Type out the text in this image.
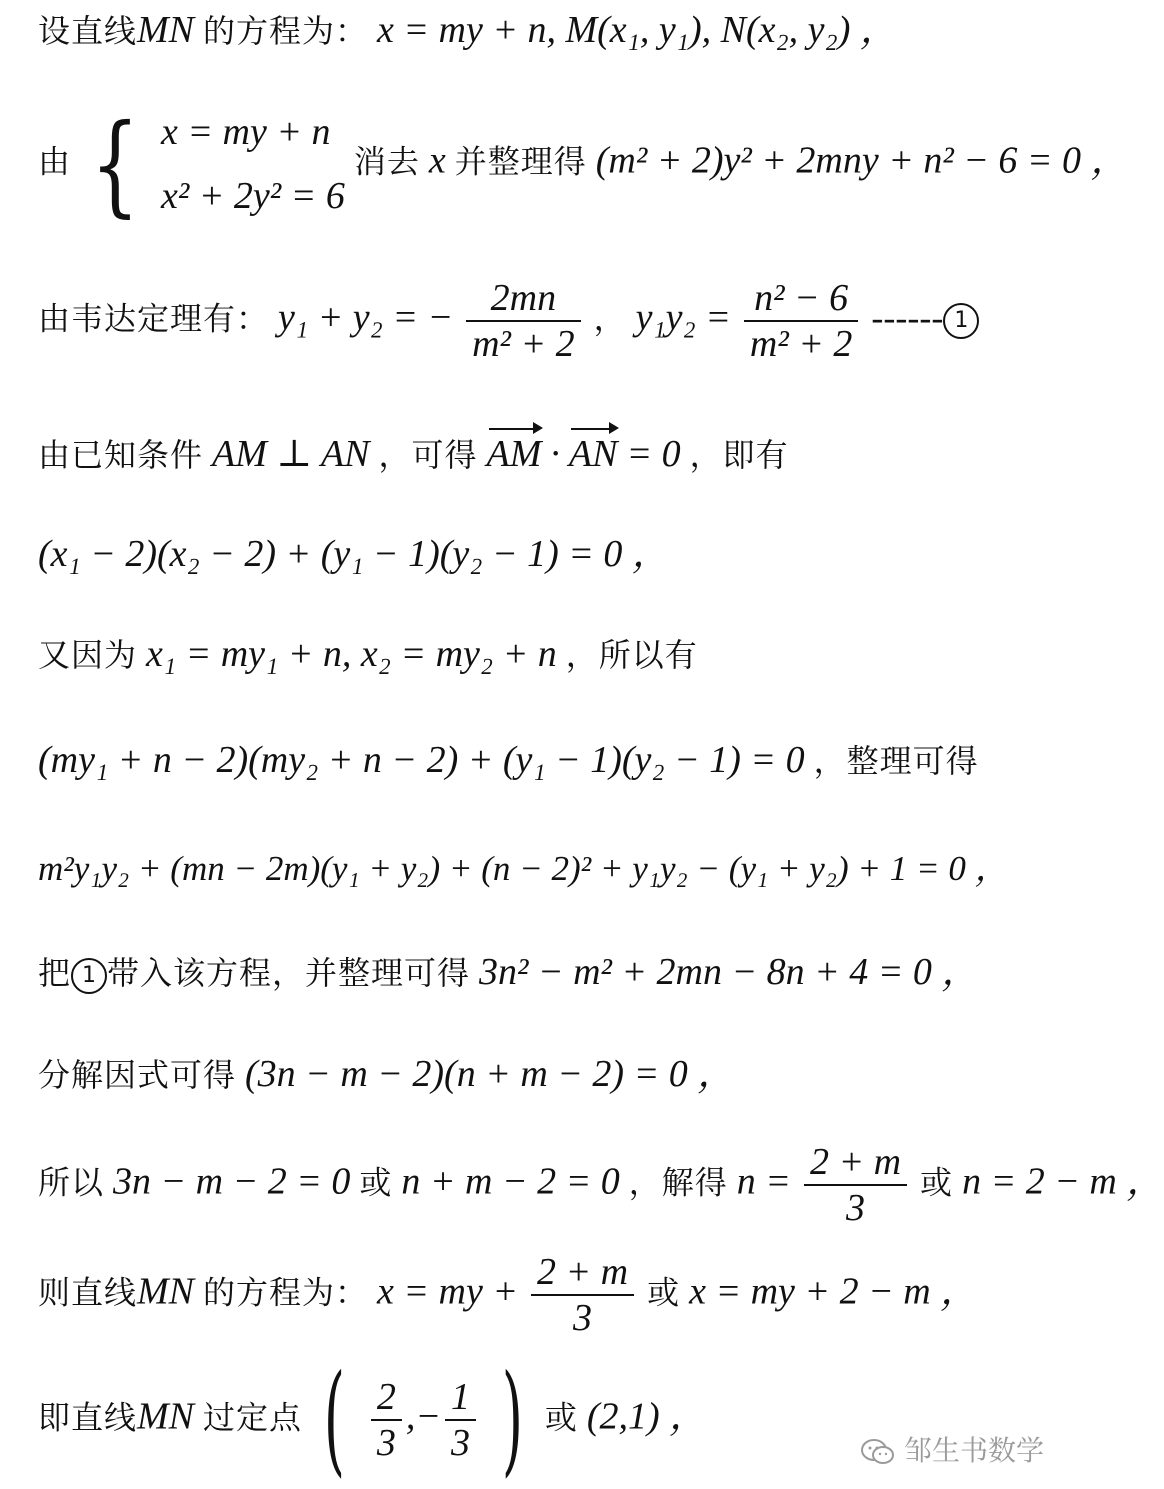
设直线MN 的方程为： x = my + n, M(x₁, y₁), N(x₂, y₂) ，
由 { x = my + n
x² + 2y² = 6
消去 x 并整理得 (m² + 2)y² + 2mny + n² − 6 = 0 ，
由韦达定理有： y₁ + y₂ = − $\frac{2mn}{\text{m² + 2}}$ ， $y_1y_2 = \frac{\text{n² − 6}}{\text{m² + 2}}$ ------ 1
由已知条件 AM ⊥ AN ，可得 AM · AN = 0 ，即有
(x₁ − 2)(x₂ − 2) + (y₁ − 1)(y₂ − 1) = 0 ，
又因为 x₁ = my₁ + n, x₂ = my₂ + n ，所以有
(my₁ + n − 2)(my₂ + n − 2) + (y₁ − 1)(y₂ − 1) = 0 ，整理可得
m²y₁y₂ + (mn − 2m)(y₁ + y₂) + (n − 2)² + y₁y₂ − (y₁ + y₂) + 1 = 0 ，
把 1 带入该方程，并整理可得 3n² − m² + 2mn − 8n + 4 = 0 ，
分解因式可得 (3n − m − 2)(n + m − 2) = 0 ，
所以 3n − m − 2 = 0 或 n + m − 2 = 0 ，解得 $n = \frac{2 + m}{3}$ 或 n = 2 − m ，
则直线MN 的方程为： x = my + $\frac{2 + m}{3}$ 或 x = my + 2 − m ，
即直线MN 过定点 ( $\frac{2}{3}$ ,− $\frac{1}{3}$ ) 或 (2,1) ，
邹生书数学
